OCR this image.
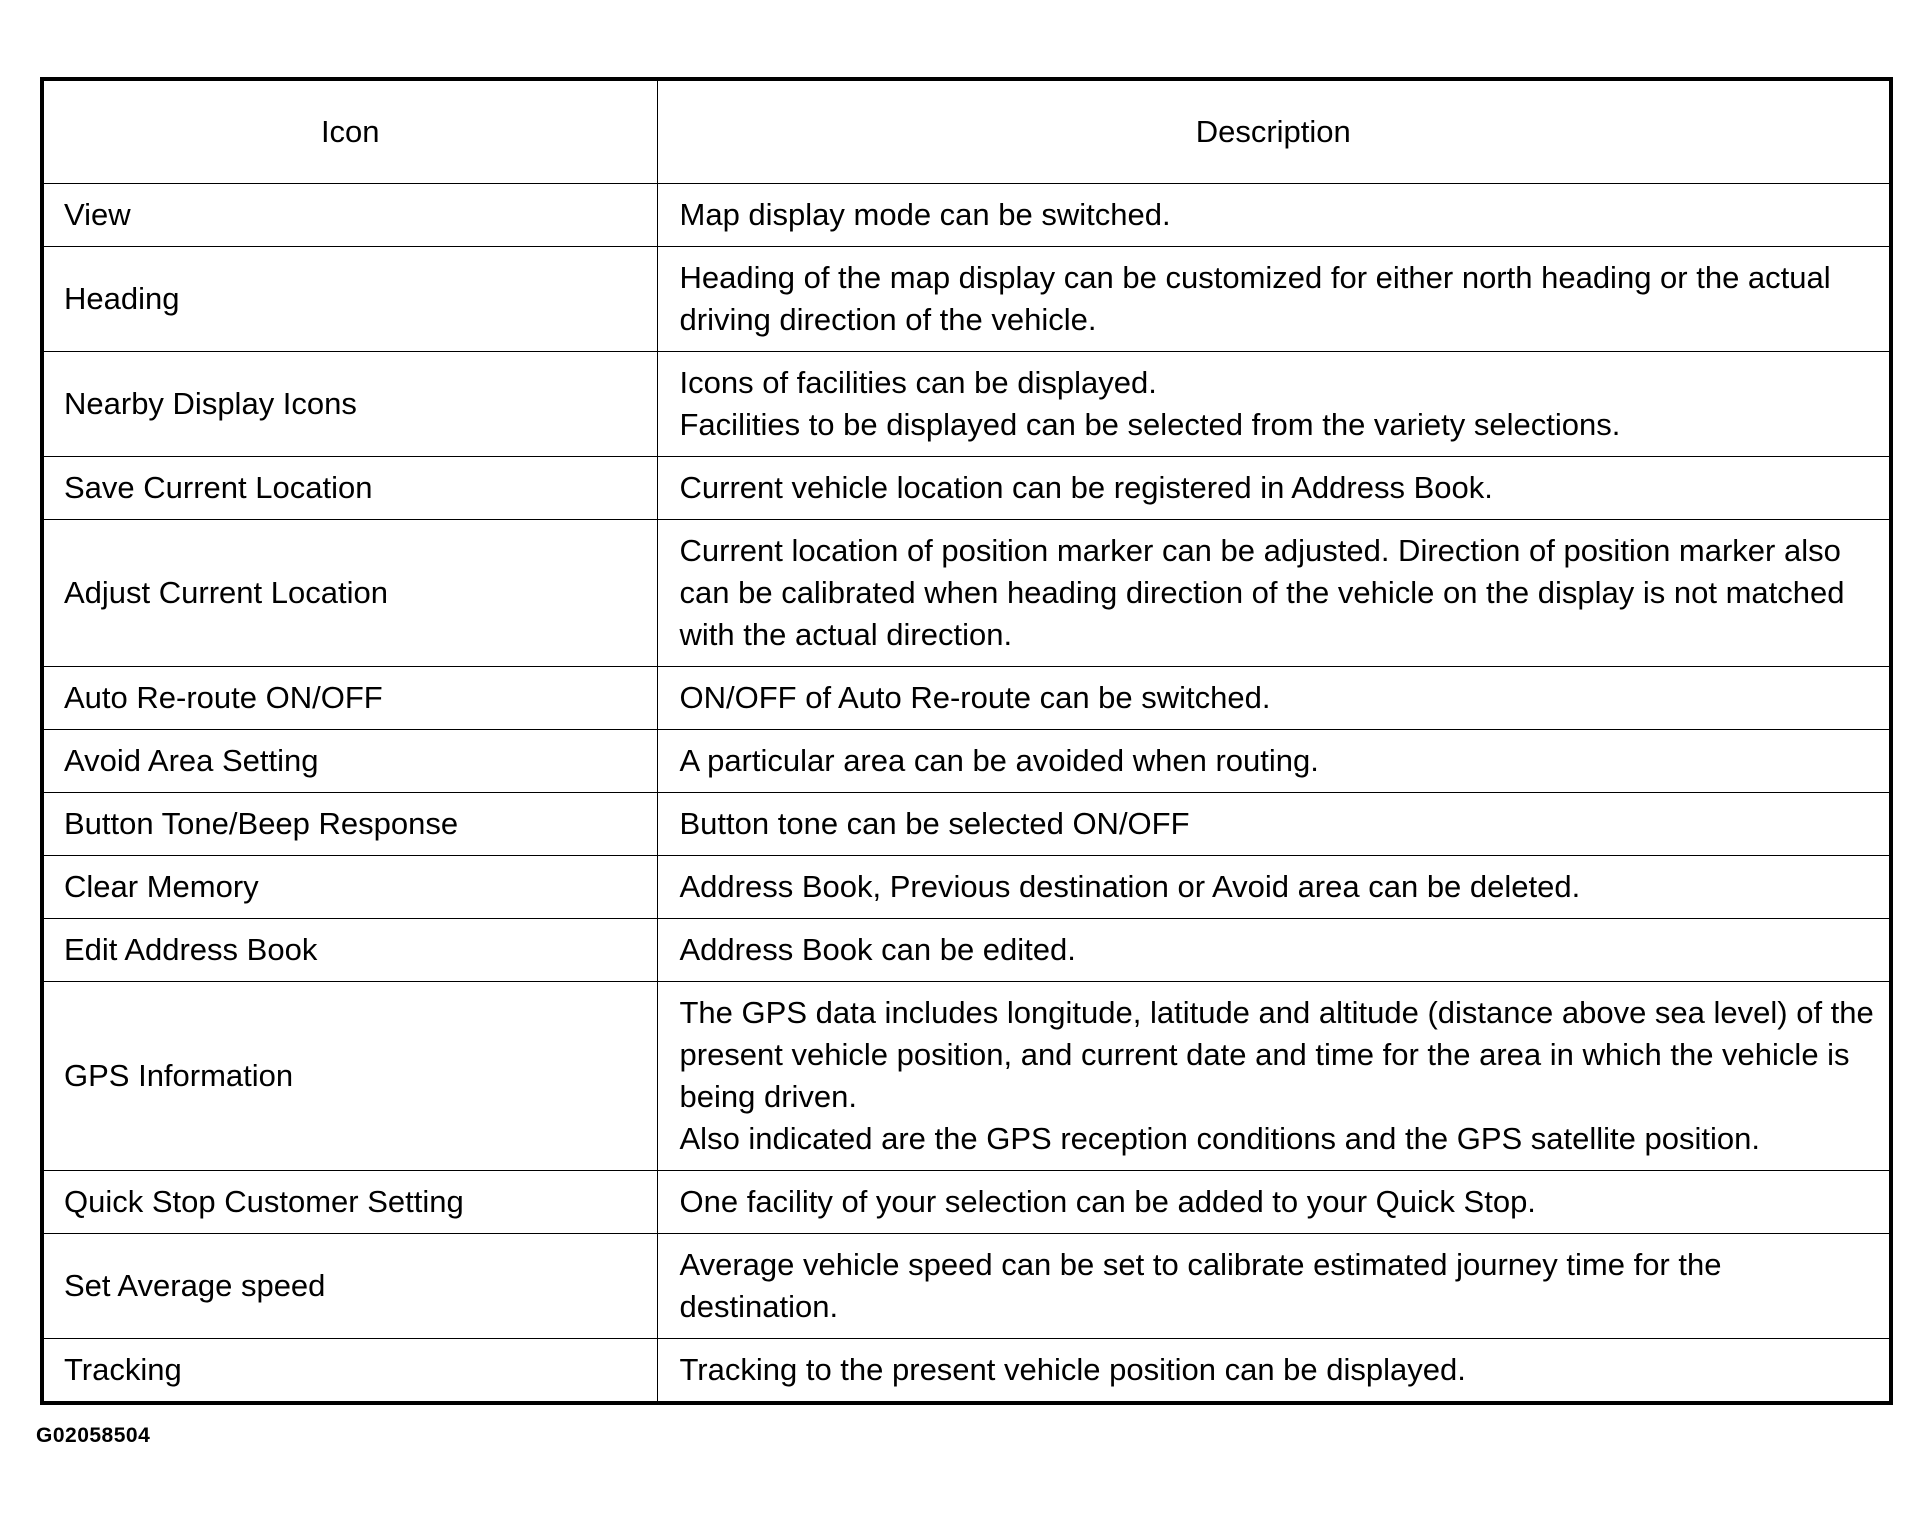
Icon	Description
View	Map display mode can be switched.

Heading	Heading of the map display can be customized for either north heading or the actual driving direction of the vehicle.

Nearby Display Icons	Icons of facilities can be displayed.
Facilities to be displayed can be selected from the variety selections.

Save Current Location	Current vehicle location can be registered in Address Book.

Adjust Current Location	Current location of position marker can be adjusted. Direction of position marker also can be calibrated when heading direction of the vehicle on the display is not matched with the actual direction.

Auto Re-route ON/OFF	ON/OFF of Auto Re-route can be switched.

Avoid Area Setting	A particular area can be avoided when routing.

Button Tone/Beep Response	Button tone can be selected ON/OFF

Clear Memory	Address Book, Previous destination or Avoid area can be deleted.

Edit Address Book	Address Book can be edited.

GPS Information	The GPS data includes longitude, latitude and altitude (distance above sea level) of the present vehicle position, and current date and time for the area in which the vehicle is being driven.
Also indicated are the GPS reception conditions and the GPS satellite position.

Quick Stop Customer Setting	One facility of your selection can be added to your Quick Stop.

Set Average speed	Average vehicle speed can be set to calibrate estimated journey time for the destination.

Tracking	Tracking to the present vehicle position can be displayed.
G02058504
